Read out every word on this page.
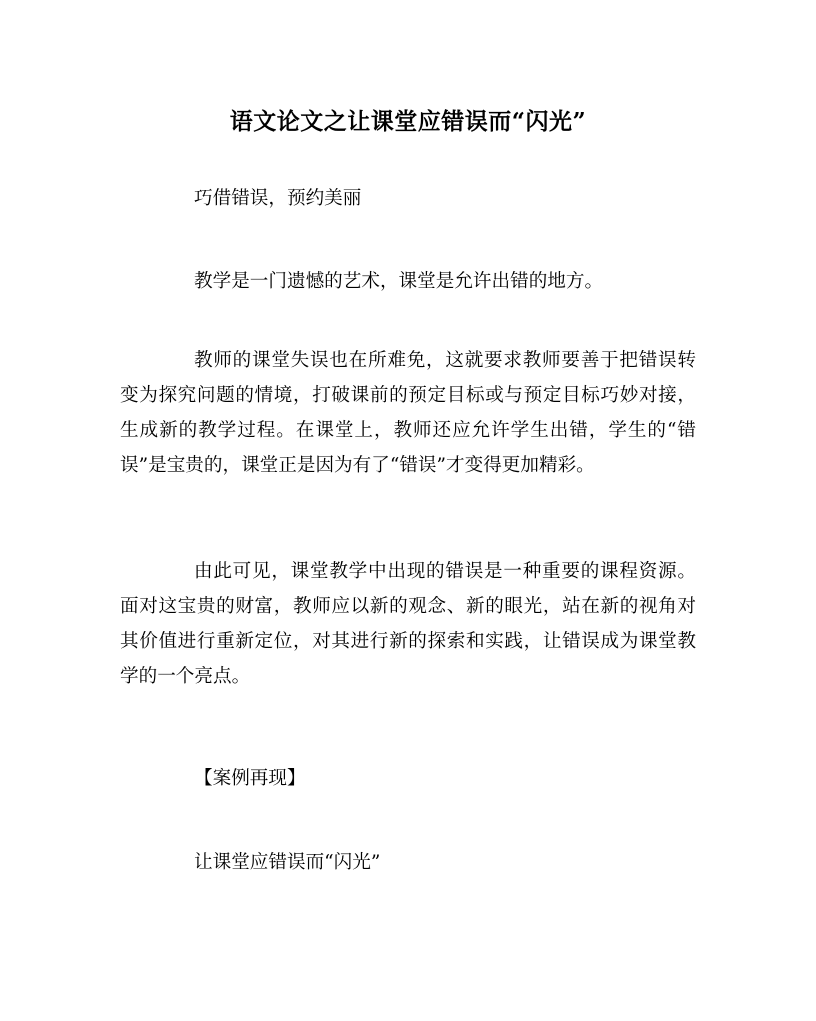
语文论文之让课堂应错误而“闪光”
巧借错误，预约美丽
教学是一门遗憾的艺术，课堂是允许出错的地方。
教师的课堂失误也在所难免，这就要求教师要善于把错误转变为探究问题的情境，打破课前的预定目标或与预定目标巧妙对接，生成新的教学过程。在课堂上，教师还应允许学生出错，学生的“错误”是宝贵的，课堂正是因为有了“错误”才变得更加精彩。
由此可见，课堂教学中出现的错误是一种重要的课程资源。面对这宝贵的财富，教师应以新的观念、新的眼光，站在新的视角对其价值进行重新定位，对其进行新的探索和实践，让错误成为课堂教学的一个亮点。
【案例再现】
让课堂应错误而“闪光”
